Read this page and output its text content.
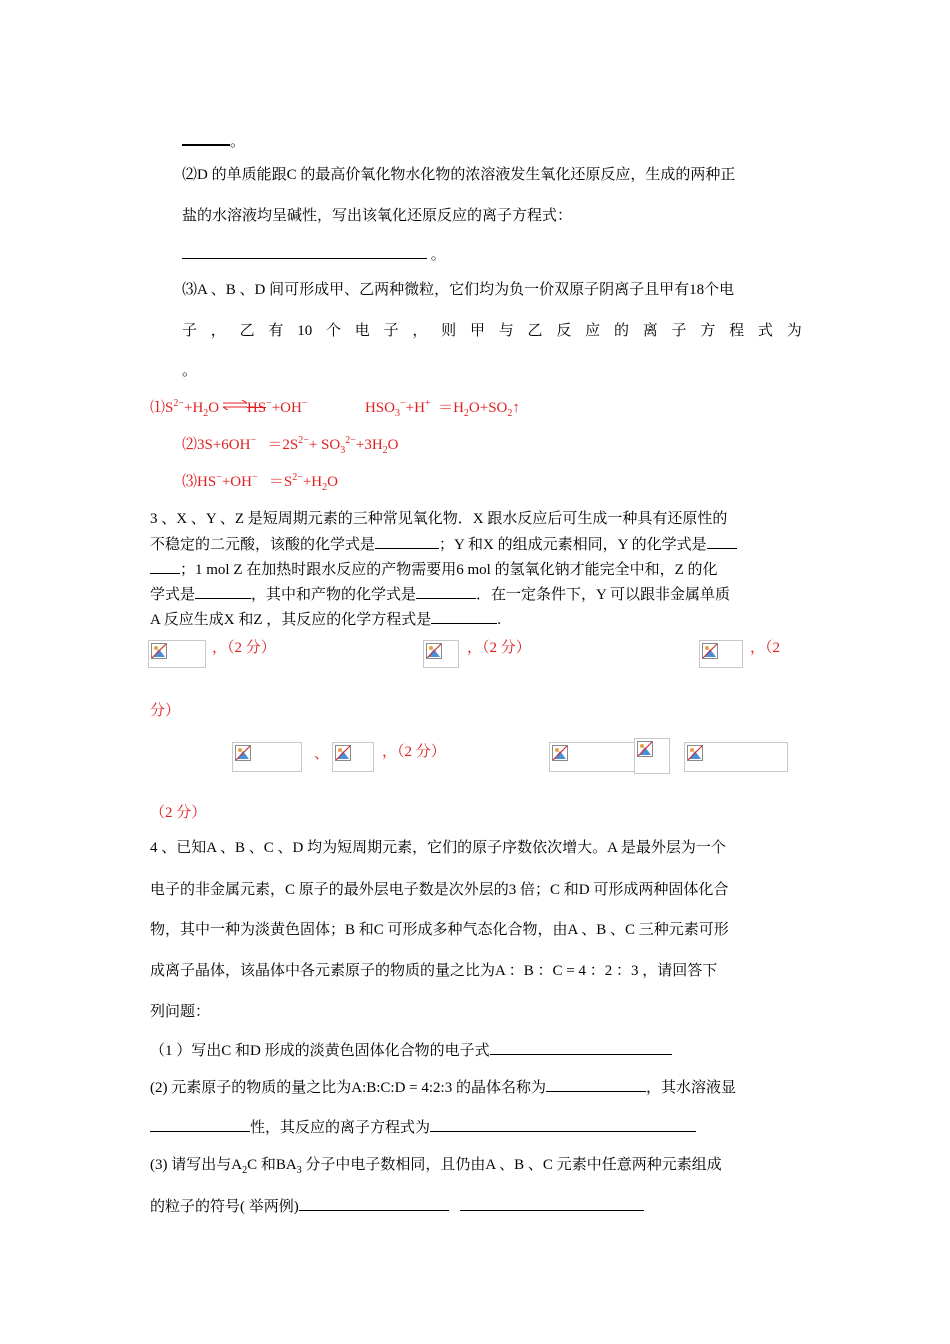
。
⑵D 的单质能跟C 的最高价氧化物水化物的浓溶液发生氧化还原反应，生成的两种正
盐的水溶液均呈碱性，写出该氧化还原反应的离子方程式：
。
⑶A 、B 、D 间可形成甲、乙两种微粒，它们均为负一价双原子阴离子且甲有18个电
子 ， 乙 有 10 个 电 子 ， 则 甲 与 乙 反 应 的 离 子 方 程 式 为
。
$⑴S^{2-}+H_2O$ ⇌HS−+OH−	$HSO_3^-+H^+$ $=H_2O+SO_2↑$
⑵3S+6OH− $=2S^{2-}+ SO_3^{2-}+3H_2O$
⑶HS−+OH− $=S^{2-}+H_2O$
3 、X 、Y 、Z 是短周期元素的三种常见氧化物．X 跟水反应后可生成一种具有还原性的
不稳定的二元酸，该酸的化学式是	；Y 和X 的组成元素相同，Y 的化学式是
；1 mol Z 在加热时跟水反应的产物需要用6 mol 的氢氧化钠才能完全中和，Z 的化
学式是	，其中和产物的化学式是	．在一定条件下，Y 可以跟非金属单质
A 反应生成X 和Z ，其反应的化学方程式是	.
，（2 分）	，（2 分）	，（2
分）
、	，（2 分）
（2 分）
4 、已知A 、B 、C 、D 均为短周期元素，它们的原子序数依次增大。A 是最外层为一个
电子的非金属元素，C 原子的最外层电子数是次外层的3 倍；C 和D 可形成两种固体化合
物，其中一种为淡黄色固体；B 和C 可形成多种气态化合物，由A 、B 、C 三种元素可形
成离子晶体，该晶体中各元素原子的物质的量之比为A ：B ：C = 4 ：2 ：3 ，请回答下
列问题：
（1 ）写出C 和D 形成的淡黄色固体化合物的电子式
(2) 元素原子的物质的量之比为A:B:C:D = 4:2:3 的晶体名称为	，其水溶液显
性，其反应的离子方程式为
(3) 请写出与$A_2C$ 和$BA_3$ 分子中电子数相同，且仍由A 、B 、C 元素中任意两种元素组成
的粒子的符号( 举两例)
